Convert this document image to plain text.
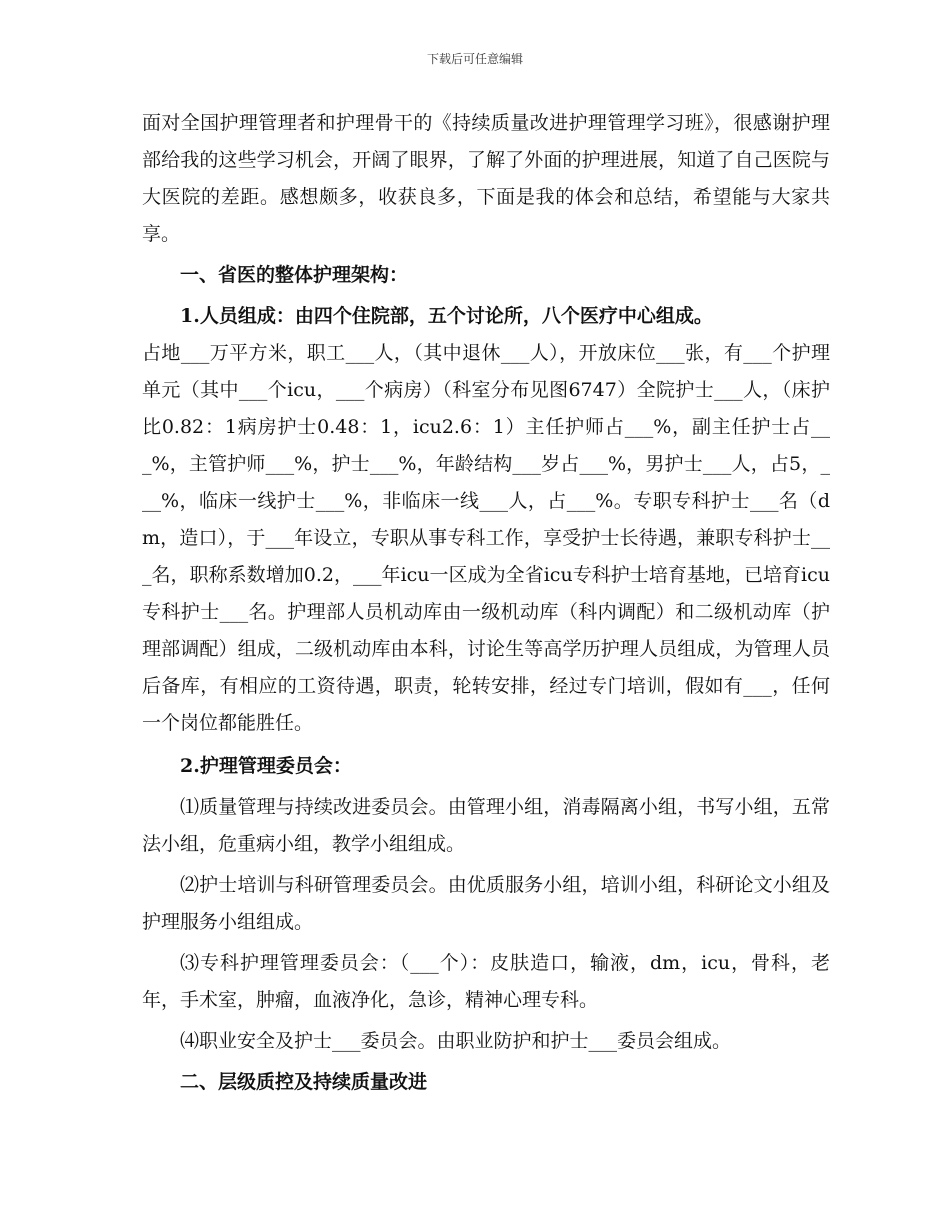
下载后可任意编辑

面对全国护理管理者和护理骨干的《持续质量改进护理管理学习班》，很感谢护理部给我的这些学习机会，开阔了眼界，了解了外面的护理进展，知道了自己医院与大医院的差距。感想颇多，收获良多，下面是我的体会和总结，希望能与大家共享。

一、省医的整体护理架构：

1.人员组成：由四个住院部，五个讨论所，八个医疗中心组成。

占地___万平方米，职工___人，（其中退休___人），开放床位___张，有___个护理单元（其中___个icu，___个病房）（科室分布见图6747）全院护士___人，（床护比0.82：1病房护士0.48：1，icu2.6：1）主任护师占___%，副主任护士占___%，主管护师___%，护士___%，年龄结构___岁占___%，男护士___人，占5，___%，临床一线护士___%，非临床一线___人，占___%。专职专科护士___名（dm，造口），于___年设立，专职从事专科工作，享受护士长待遇，兼职专科护士___名，职称系数增加0.2，___年icu一区成为全省icu专科护士培育基地，已培育icu专科护士___名。护理部人员机动库由一级机动库（科内调配）和二级机动库（护理部调配）组成，二级机动库由本科，讨论生等高学历护理人员组成，为管理人员后备库，有相应的工资待遇，职责，轮转安排，经过专门培训，假如有___，任何一个岗位都能胜任。

2.护理管理委员会：

⑴质量管理与持续改进委员会。由管理小组，消毒隔离小组，书写小组，五常法小组，危重病小组，教学小组组成。

⑵护士培训与科研管理委员会。由优质服务小组，培训小组，科研论文小组及护理服务小组组成。

⑶专科护理管理委员会：（___个）：皮肤造口，输液，dm，icu，骨科，老年，手术室，肿瘤，血液净化，急诊，精神心理专科。

⑷职业安全及护士___委员会。由职业防护和护士___委员会组成。

二、层级质控及持续质量改进
